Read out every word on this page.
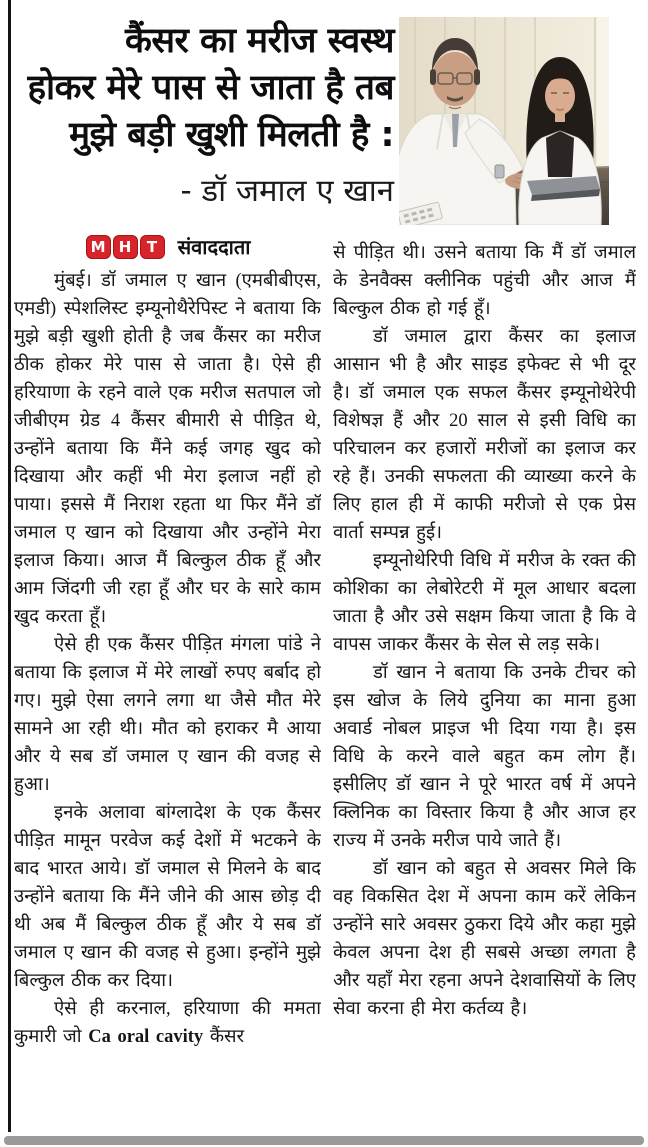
कैंसर का मरीज स्वस्थ
होकर मेरे पास से जाता है तब
मुझे बड़ी खुशी मिलती है :
- डॉ जमाल ए खान
M H T संवाददाता

मुंबई। डॉ जमाल ए खान (एमबीबीएस, एमडी) स्पेशलिस्ट इम्यूनोथैरेपिस्ट ने बताया कि मुझे बड़ी खुशी होती है जब कैंसर का मरीज ठीक होकर मेरे पास से जाता है। ऐसे ही हरियाणा के रहने वाले एक मरीज सतपाल जो जीबीएम ग्रेड 4 कैंसर बीमारी से पीड़ित थे, उन्होंने बताया कि मैंने कई जगह खुद को दिखाया और कहीं भी मेरा इलाज नहीं हो पाया। इससे मैं निराश रहता था फिर मैंने डॉ जमाल ए खान को दिखाया और उन्होंने मेरा इलाज किया। आज मैं बिल्कुल ठीक हूँ और आम जिंदगी जी रहा हूँ और घर के सारे काम खुद करता हूँ।

ऐसे ही एक कैंसर पीड़ित मंगला पांडे ने बताया कि इलाज में मेरे लाखों रुपए बर्बाद हो गए। मुझे ऐसा लगने लगा था जैसे मौत मेरे सामने आ रही थी। मौत को हराकर मै आया और ये सब डॉ जमाल ए खान की वजह से हुआ।

इनके अलावा बांग्लादेश के एक कैंसर पीड़ित मामून परवेज कई देशों में भटकने के बाद भारत आये। डॉ जमाल से मिलने के बाद उन्होंने बताया कि मैंने जीने की आस छोड़ दी थी अब मैं बिल्कुल ठीक हूँ और ये सब डॉ जमाल ए खान की वजह से हुआ। इन्होंने मुझे बिल्कुल ठीक कर दिया।

ऐसे ही करनाल, हरियाणा की ममता कुमारी जो Ca oral cavity कैंसर

से पीड़ित थी। उसने बताया कि मैं डॉ जमाल के डेनवैक्स क्लीनिक पहुंची और आज मैं बिल्कुल ठीक हो गई हूँ।

डॉ जमाल द्वारा कैंसर का इलाज आसान भी है और साइड इफेक्ट से भी दूर है। डॉ जमाल एक सफल कैंसर इम्यूनोथेरेपी विशेषज्ञ हैं और 20 साल से इसी विधि का परिचालन कर हजारों मरीजों का इलाज कर रहे हैं। उनकी सफलता की व्याख्या करने के लिए हाल ही में काफी मरीजो से एक प्रेस वार्ता सम्पन्न हुई।

इम्यूनोथेरिपी विधि में मरीज के रक्त की कोशिका का लेबोरेटरी में मूल आधार बदला जाता है और उसे सक्षम किया जाता है कि वे वापस जाकर कैंसर के सेल से लड़ सके।

डॉ खान ने बताया कि उनके टीचर को इस खोज के लिये दुनिया का माना हुआ अवार्ड नोबल प्राइज भी दिया गया है। इस विधि के करने वाले बहुत कम लोग हैं। इसीलिए डॉ खान ने पूरे भारत वर्ष में अपने क्लिनिक का विस्तार किया है और आज हर राज्य में उनके मरीज पाये जाते हैं।

डॉ खान को बहुत से अवसर मिले कि वह विकसित देश में अपना काम करें लेकिन उन्होंने सारे अवसर ठुकरा दिये और कहा मुझे केवल अपना देश ही सबसे अच्छा लगता है और यहाँ मेरा रहना अपने देशवासियों के लिए सेवा करना ही मेरा कर्तव्य है।
